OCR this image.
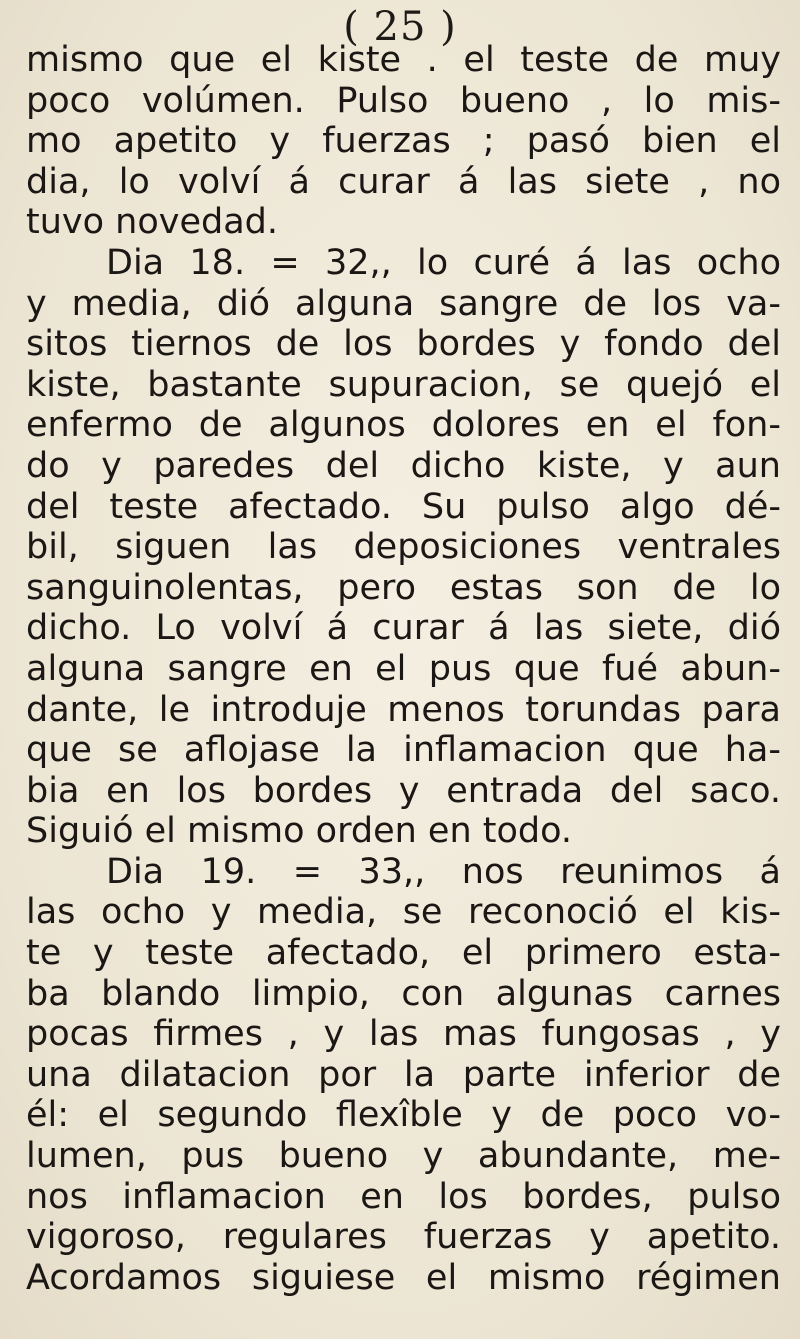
( 25 )
mismo que el kiste . el teste de muy
poco volúmen. Pulso bueno , lo mis-
mo apetito y fuerzas ; pasó bien el
dia, lo volví á curar á las siete , no
tuvo novedad.
Dia 18. = 32,, lo curé á las ocho
y media, dió alguna sangre de los va-
sitos tiernos de los bordes y fondo del
kiste, bastante supuracion, se quejó el
enfermo de algunos dolores en el fon-
do y paredes del dicho kiste, y aun
del teste afectado. Su pulso algo dé-
bil, siguen las deposiciones ventrales
sanguinolentas, pero estas son de lo
dicho. Lo volví á curar á las siete, dió
alguna sangre en el pus que fué abun-
dante, le introduje menos torundas para
que se aflojase la inflamacion que ha-
bia en los bordes y entrada del saco.
Siguió el mismo orden en todo.
Dia 19. = 33,, nos reunimos á
las ocho y media, se reconoció el kis-
te y teste afectado, el primero esta-
ba blando limpio, con algunas carnes
pocas firmes , y las mas fungosas , y
una dilatacion por la parte inferior de
él: el segundo flexîble y de poco vo-
lumen, pus bueno y abundante, me-
nos inflamacion en los bordes, pulso
vigoroso, regulares fuerzas y apetito.
Acordamos siguiese el mismo régimen
